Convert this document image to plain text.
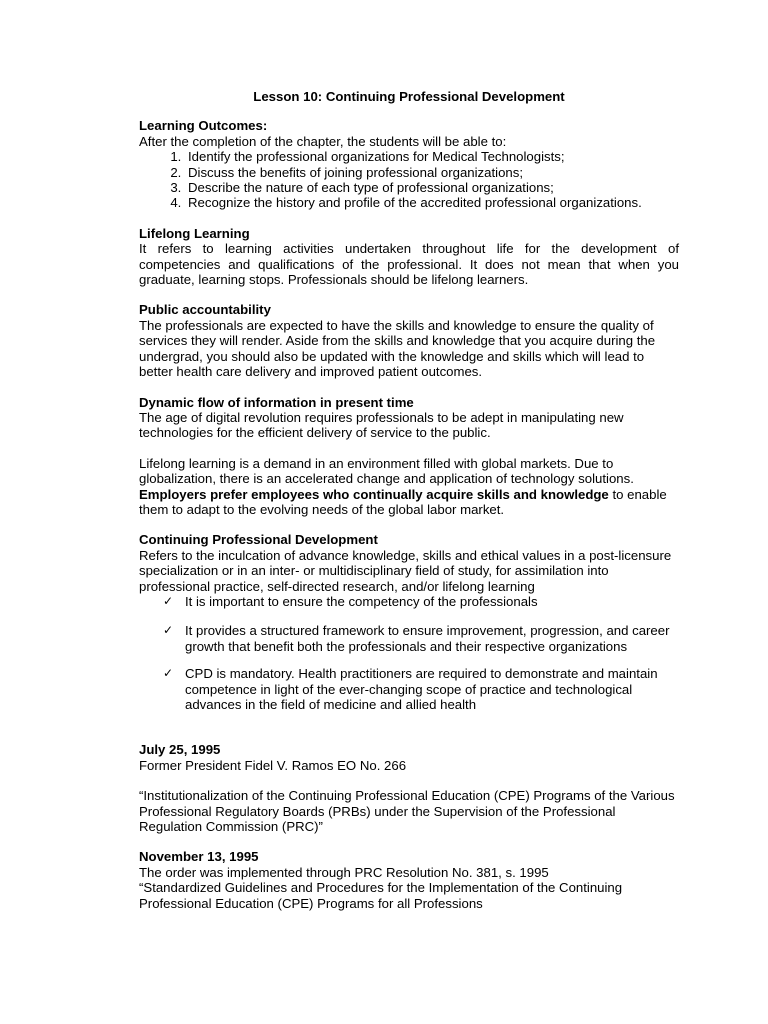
Lesson 10: Continuing Professional Development

Learning Outcomes:

After the completion of the chapter, the students will be able to:

1. Identify the professional organizations for Medical Technologists;
2. Discuss the benefits of joining professional organizations;
3. Describe the nature of each type of professional organizations;
4. Recognize the history and profile of the accredited professional organizations.

Lifelong Learning

It refers to learning activities undertaken throughout life for the development of competencies and qualifications of the professional. It does not mean that when you graduate, learning stops. Professionals should be lifelong learners.

Public accountability

The professionals are expected to have the skills and knowledge to ensure the quality of services they will render. Aside from the skills and knowledge that you acquire during the undergrad, you should also be updated with the knowledge and skills which will lead to better health care delivery and improved patient outcomes.

Dynamic flow of information in present time

The age of digital revolution requires professionals to be adept in manipulating new technologies for the efficient delivery of service to the public.

Lifelong learning is a demand in an environment filled with global markets. Due to globalization, there is an accelerated change and application of technology solutions. Employers prefer employees who continually acquire skills and knowledge to enable them to adapt to the evolving needs of the global labor market.

Continuing Professional Development

Refers to the inculcation of advance knowledge, skills and ethical values in a post-licensure specialization or in an inter- or multidisciplinary field of study, for assimilation into professional practice, self-directed research, and/or lifelong learning

✓ It is important to ensure the competency of the professionals
✓ It provides a structured framework to ensure improvement, progression, and career growth that benefit both the professionals and their respective organizations
✓ CPD is mandatory. Health practitioners are required to demonstrate and maintain competence in light of the ever-changing scope of practice and technological advances in the field of medicine and allied health

July 25, 1995

Former President Fidel V. Ramos EO No. 266

“Institutionalization of the Continuing Professional Education (CPE) Programs of the Various Professional Regulatory Boards (PRBs) under the Supervision of the Professional Regulation Commission (PRC)”

November 13, 1995

The order was implemented through PRC Resolution No. 381, s. 1995

“Standardized Guidelines and Procedures for the Implementation of the Continuing Professional Education (CPE) Programs for all Professions
